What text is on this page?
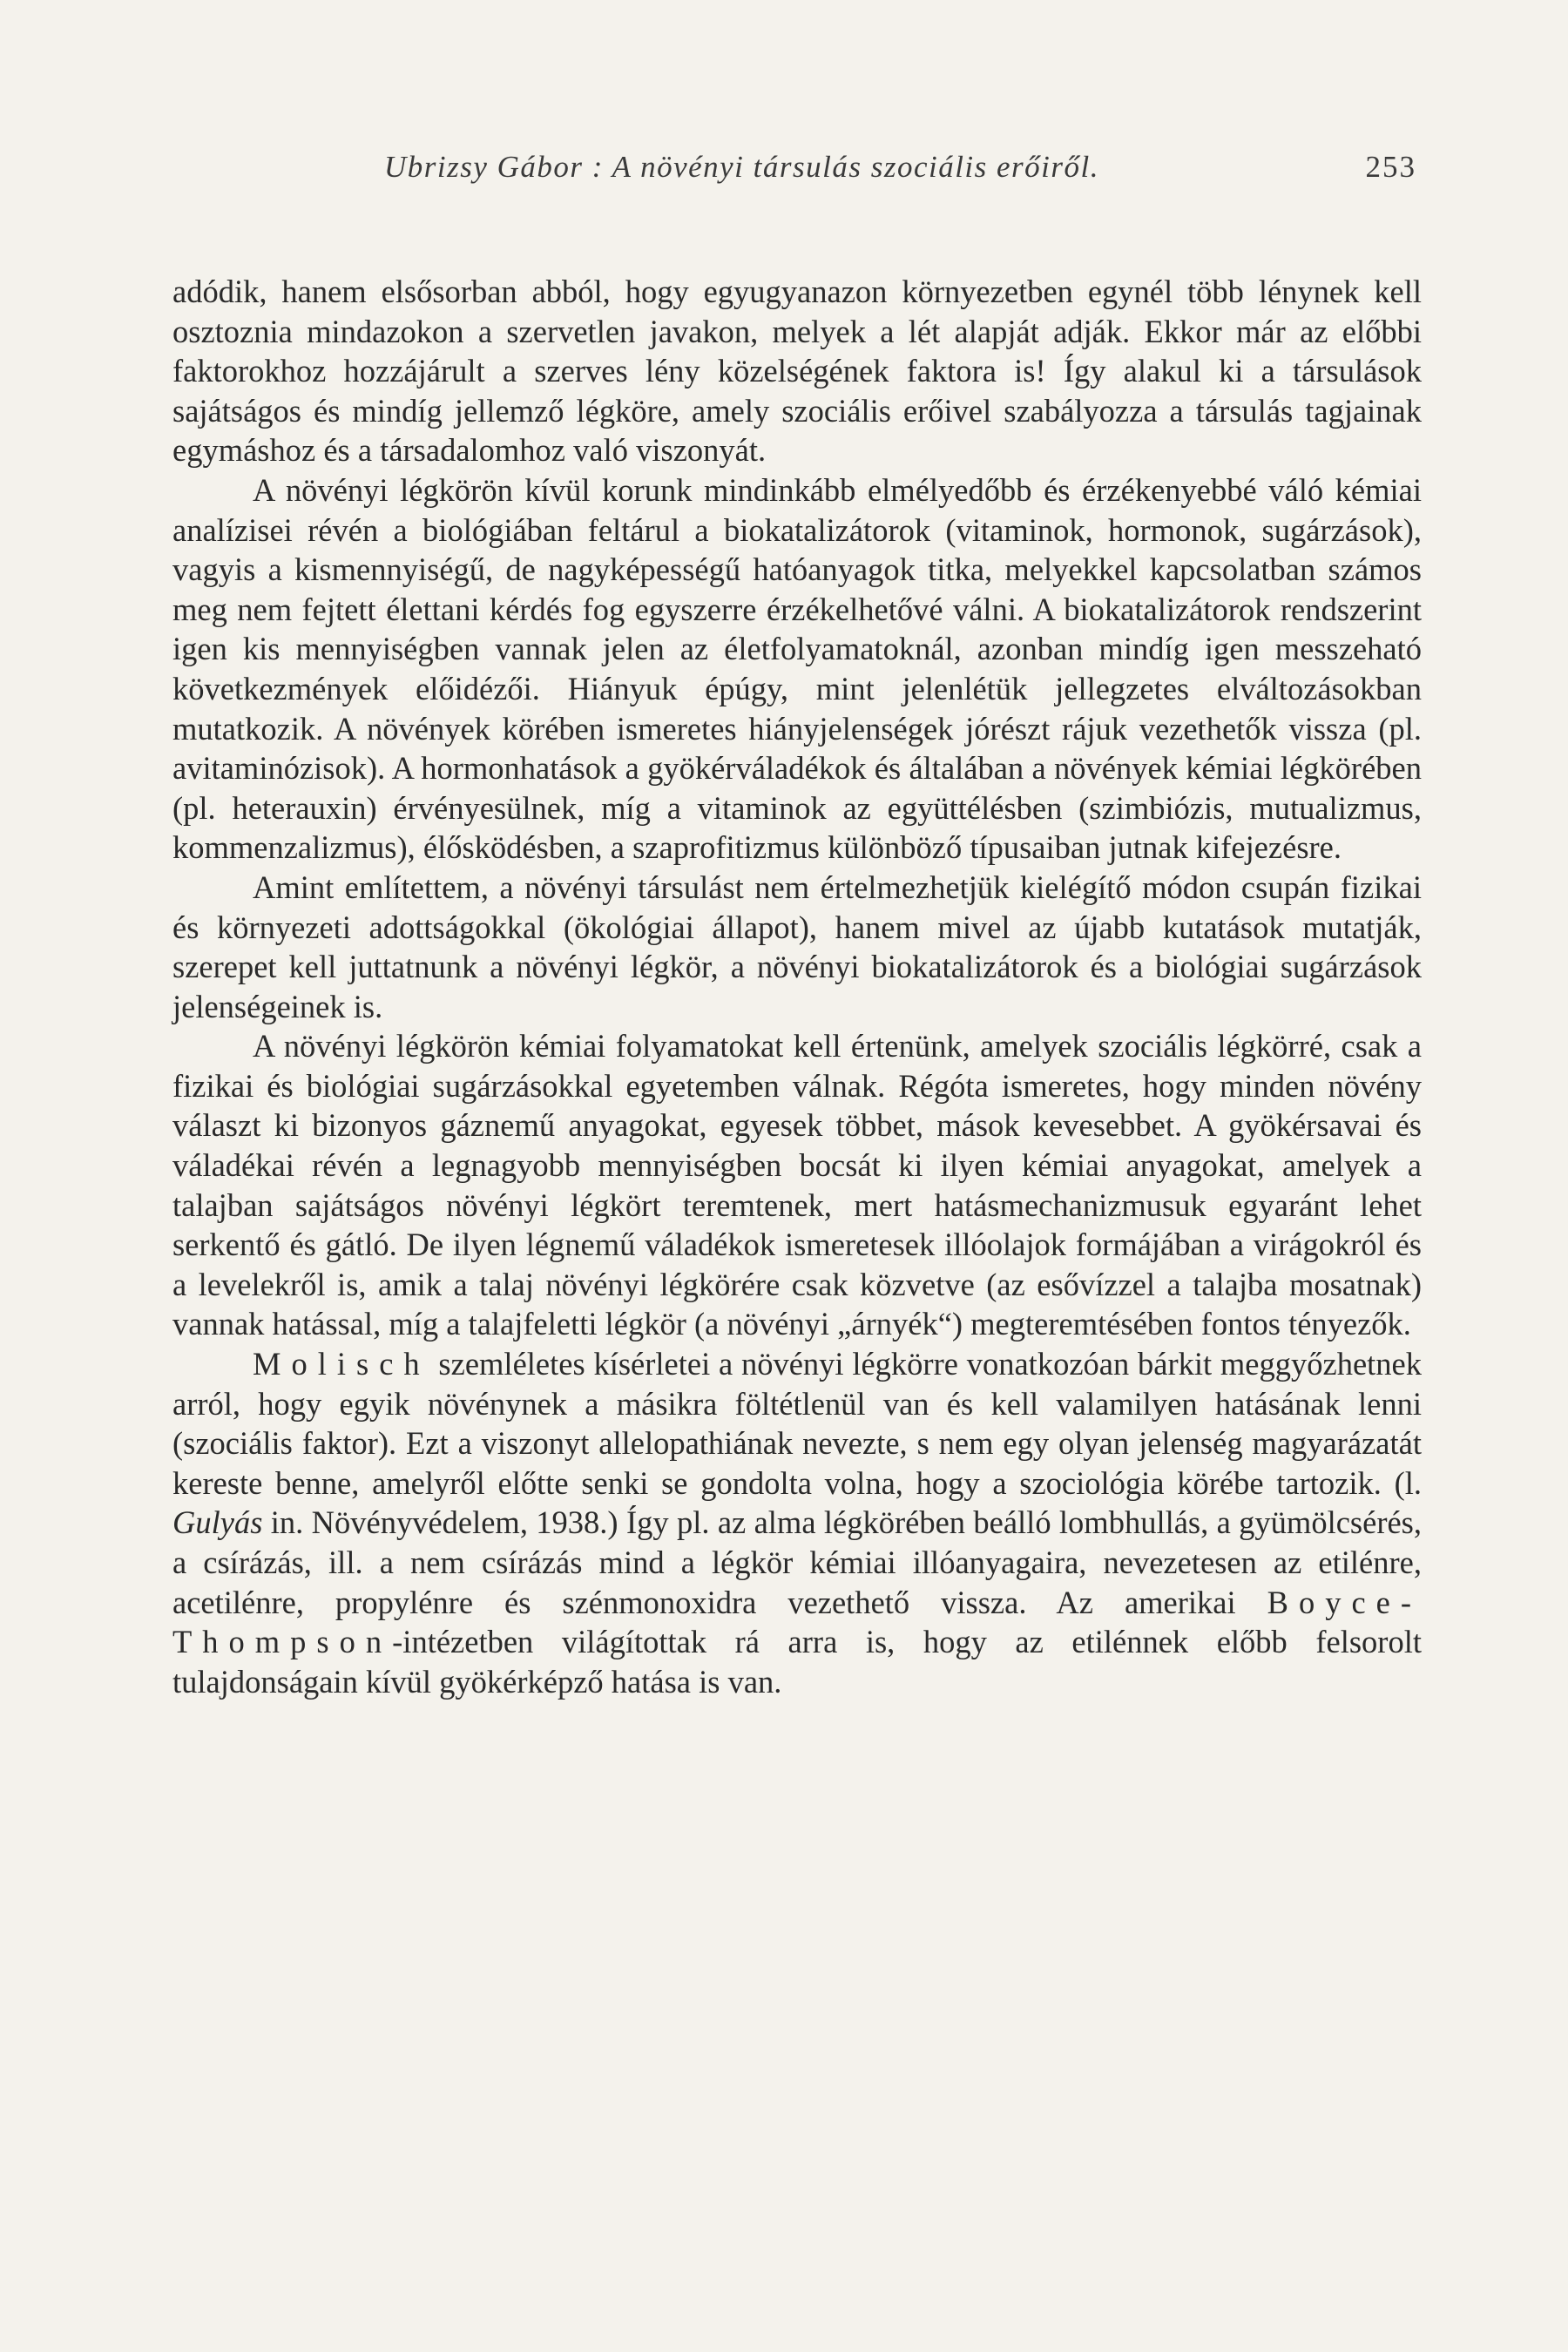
Ubrizsy Gábor : A növényi társulás szociális erőiről.	253

adódik, hanem elsősorban abból, hogy egyugyanazon környezetben egynél több lénynek kell osztoznia mindazokon a szervetlen javakon, melyek a lét alapját adják. Ekkor már az előbbi faktorokhoz hozzájárult a szerves lény közelségének faktora is! Így alakul ki a társulások sajátságos és mindíg jellemző légköre, amely szociális erőivel szabályozza a társulás tagjainak egymáshoz és a társadalomhoz való viszonyát.

A növényi légkörön kívül korunk mindinkább elmélyedőbb és érzékenyebbé váló kémiai analízisei révén a biológiában feltárul a biokatalizátorok (vitaminok, hormonok, sugárzások), vagyis a kismennyiségű, de nagyképességű hatóanyagok titka, melyekkel kapcsolatban számos meg nem fejtett élettani kérdés fog egyszerre érzékelhetővé válni. A biokatalizátorok rendszerint igen kis mennyiségben vannak jelen az életfolyamatoknál, azonban mindíg igen messzeható következmények előidézői. Hiányuk épúgy, mint jelenlétük jellegzetes elváltozásokban mutatkozik. A növények körében ismeretes hiányjelenségek jórészt rájuk vezethetők vissza (pl. avitaminózisok). A hormonhatások a gyökérváladékok és általában a növények kémiai légkörében (pl. heterauxin) érvényesülnek, míg a vitaminok az együttélésben (szimbiózis, mutualizmus, kommenzalizmus), élősködésben, a szaprofitizmus különböző típusaiban jutnak kifejezésre.

Amint említettem, a növényi társulást nem értelmezhetjük kielégítő módon csupán fizikai és környezeti adottságokkal (ökológiai állapot), hanem mivel az újabb kutatások mutatják, szerepet kell juttatnunk a növényi légkör, a növényi biokatalizátorok és a biológiai sugárzások jelenségeinek is.

A növényi légkörön kémiai folyamatokat kell értenünk, amelyek szociális légkörré, csak a fizikai és biológiai sugárzásokkal egyetemben válnak. Régóta ismeretes, hogy minden növény választ ki bizonyos gáznemű anyagokat, egyesek többet, mások kevesebbet. A gyökérsavai és váladékai révén a legnagyobb mennyiségben bocsát ki ilyen kémiai anyagokat, amelyek a talajban sajátságos növényi légkört teremtenek, mert hatásmechanizmusuk egyaránt lehet serkentő és gátló. De ilyen légnemű váladékok ismeretesek illóolajok formájában a virágokról és a levelekről is, amik a talaj növényi légkörére csak közvetve (az esővízzel a talajba mosatnak) vannak hatással, míg a talajfeletti légkör (a növényi „árnyék“) megteremtésében fontos tényezők.

Molisch szemléletes kísérletei a növényi légkörre vonatkozóan bárkit meggyőzhetnek arról, hogy egyik növénynek a másikra föltétlenül van és kell valamilyen hatásának lenni (szociális faktor). Ezt a viszonyt allelopathiának nevezte, s nem egy olyan jelenség magyarázatát kereste benne, amelyről előtte senki se gondolta volna, hogy a szociológia körébe tartozik. (l. Gulyás in. Növényvédelem, 1938.) Így pl. az alma légkörében beálló lombhullás, a gyümölcsérés, a csírázás, ill. a nem csírázás mind a légkör kémiai illóanyagaira, nevezetesen az etilénre, acetilénre, propylénre és szénmonoxidra vezethető vissza. Az amerikai Boyce-Thompson-intézetben világítottak rá arra is, hogy az etilénnek előbb felsorolt tulajdonságain kívül gyökérképző hatása is van.
